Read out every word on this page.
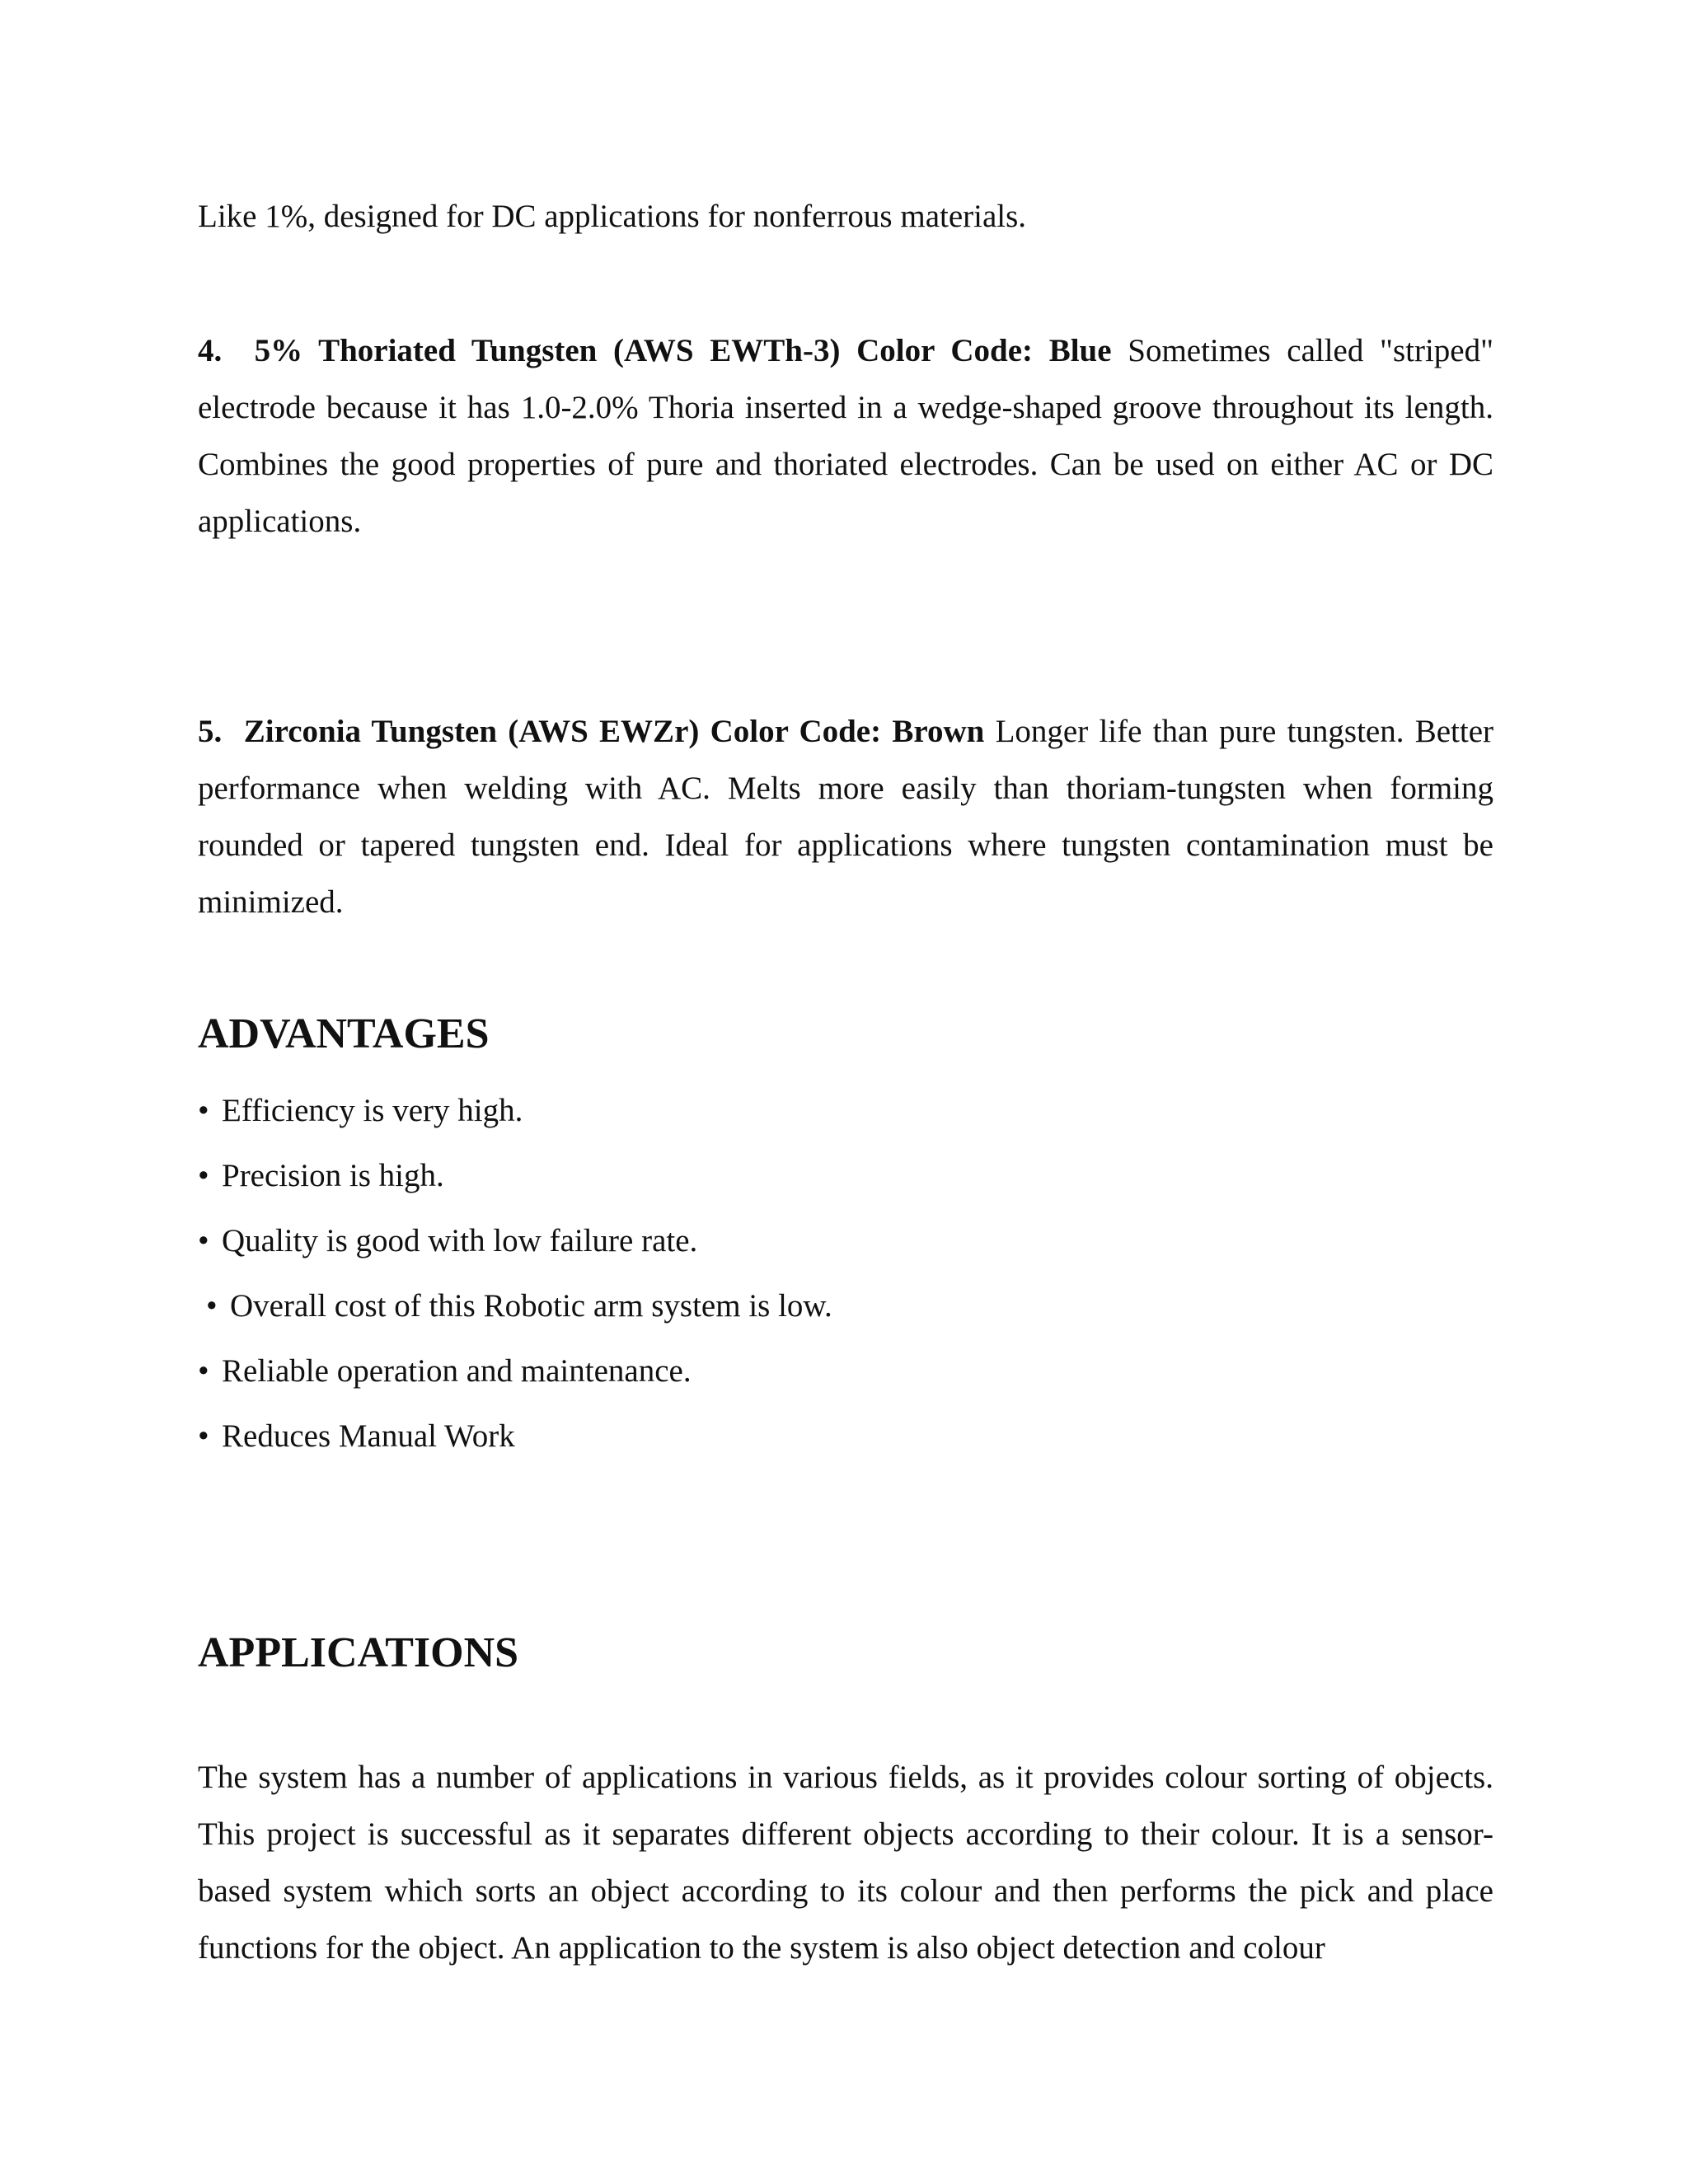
Like 1%, designed for DC applications for nonferrous materials.

4. 5% Thoriated Tungsten (AWS EWTh-3) Color Code: Blue Sometimes called "striped" electrode because it has 1.0-2.0% Thoria inserted in a wedge-shaped groove throughout its length. Combines the good properties of pure and thoriated electrodes. Can be used on either AC or DC applications.

5. Zirconia Tungsten (AWS EWZr) Color Code: Brown Longer life than pure tungsten. Better performance when welding with AC. Melts more easily than thoriam-tungsten when forming rounded or tapered tungsten end. Ideal for applications where tungsten contamination must be minimized.

ADVANTAGES
• Efficiency is very high.
• Precision is high.
• Quality is good with low failure rate.
• Overall cost of this Robotic arm system is low.
• Reliable operation and maintenance.
• Reduces Manual Work
APPLICATIONS

The system has a number of applications in various fields, as it provides colour sorting of objects. This project is successful as it separates different objects according to their colour. It is a sensor-based system which sorts an object according to its colour and then performs the pick and place functions for the object. An application to the system is also object detection and colour
